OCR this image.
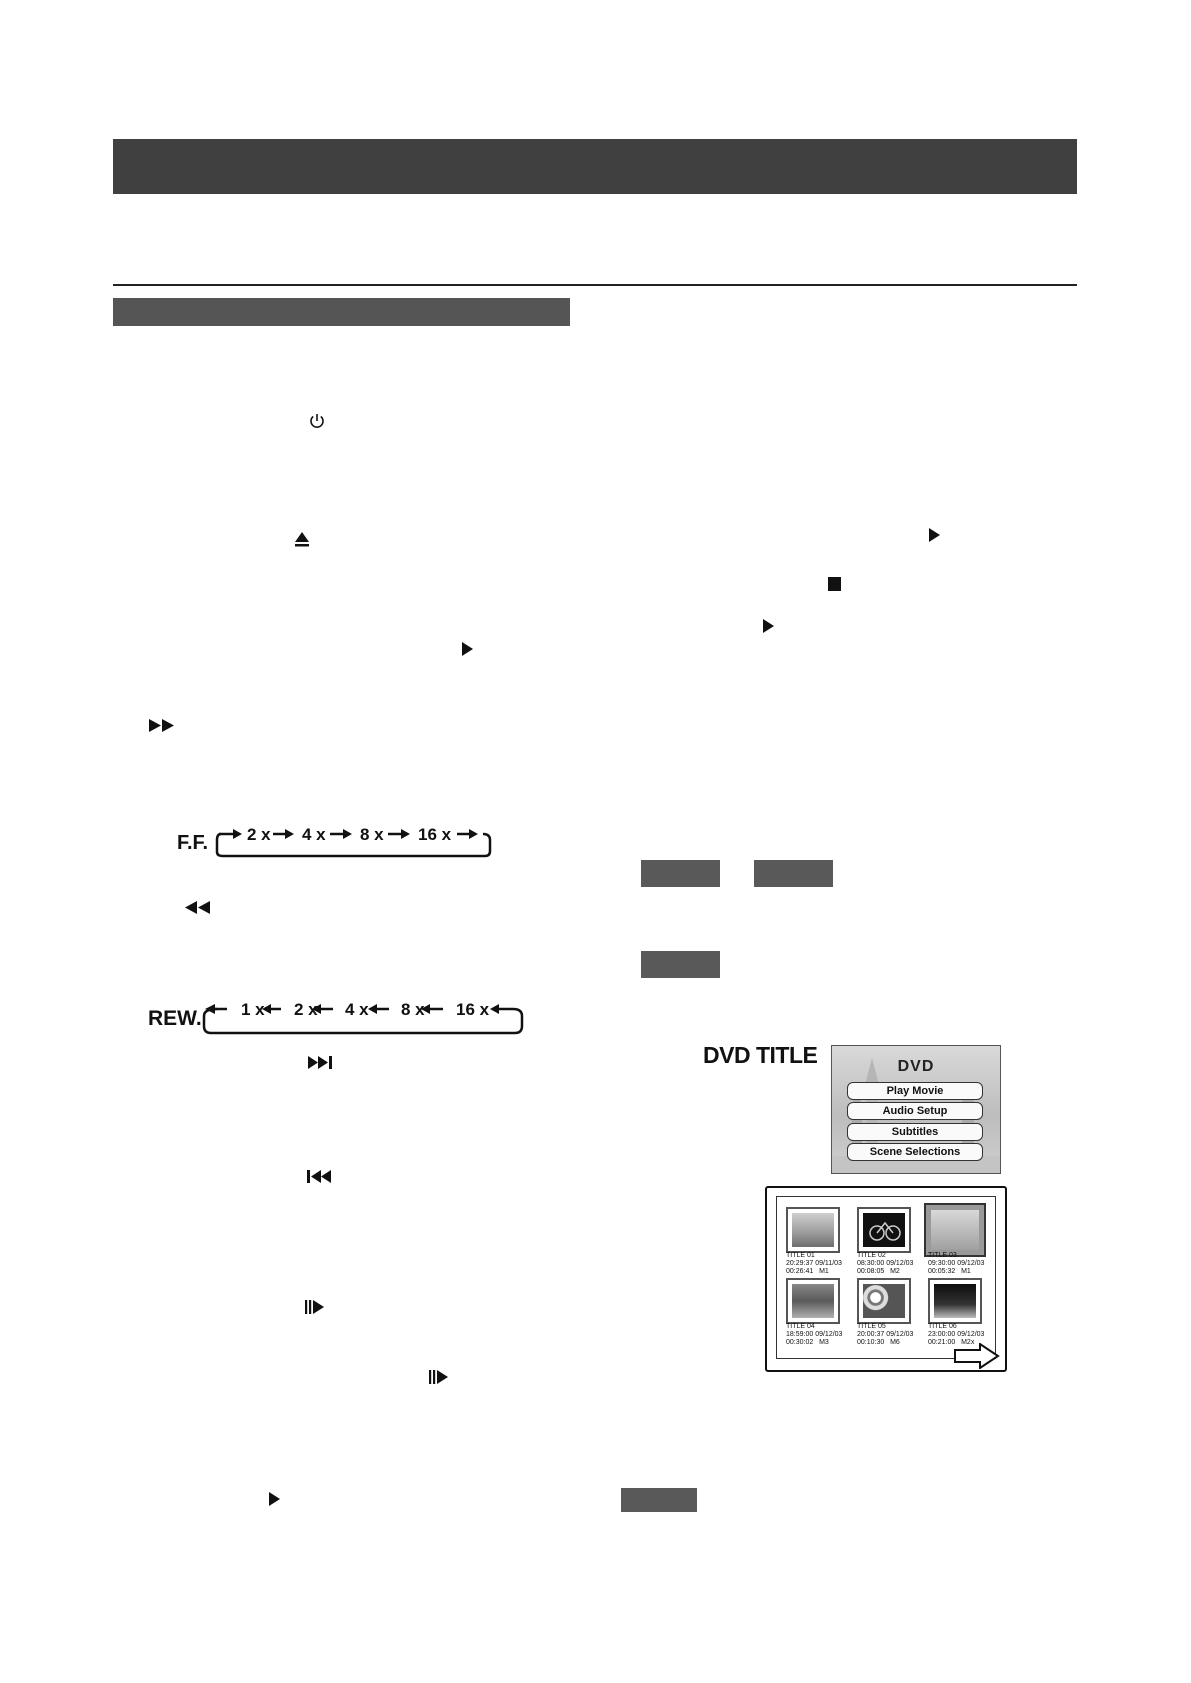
F.F. 2 x 4 x 8 x 16 x
REW. 1 x 2 x 4 x 8 x 16 x
DVD TITLE	DVD
Play Movie
Audio Setup
Subtitles
Scene Selections
TITLE 01
20:29:37 09/11/03
00:26:41 M1
TITLE 02
08:30:00 09/12/03
00:08:05 M2
TITLE 03
09:30:00 09/12/03
00:05:32 M1
TITLE 04
18:59:00 09/12/03
00:30:02 M3
TITLE 05
20:00:37 09/12/03
00:10:30 M6
TITLE 06
23:00:00 09/12/03
00:21:00 M2x
